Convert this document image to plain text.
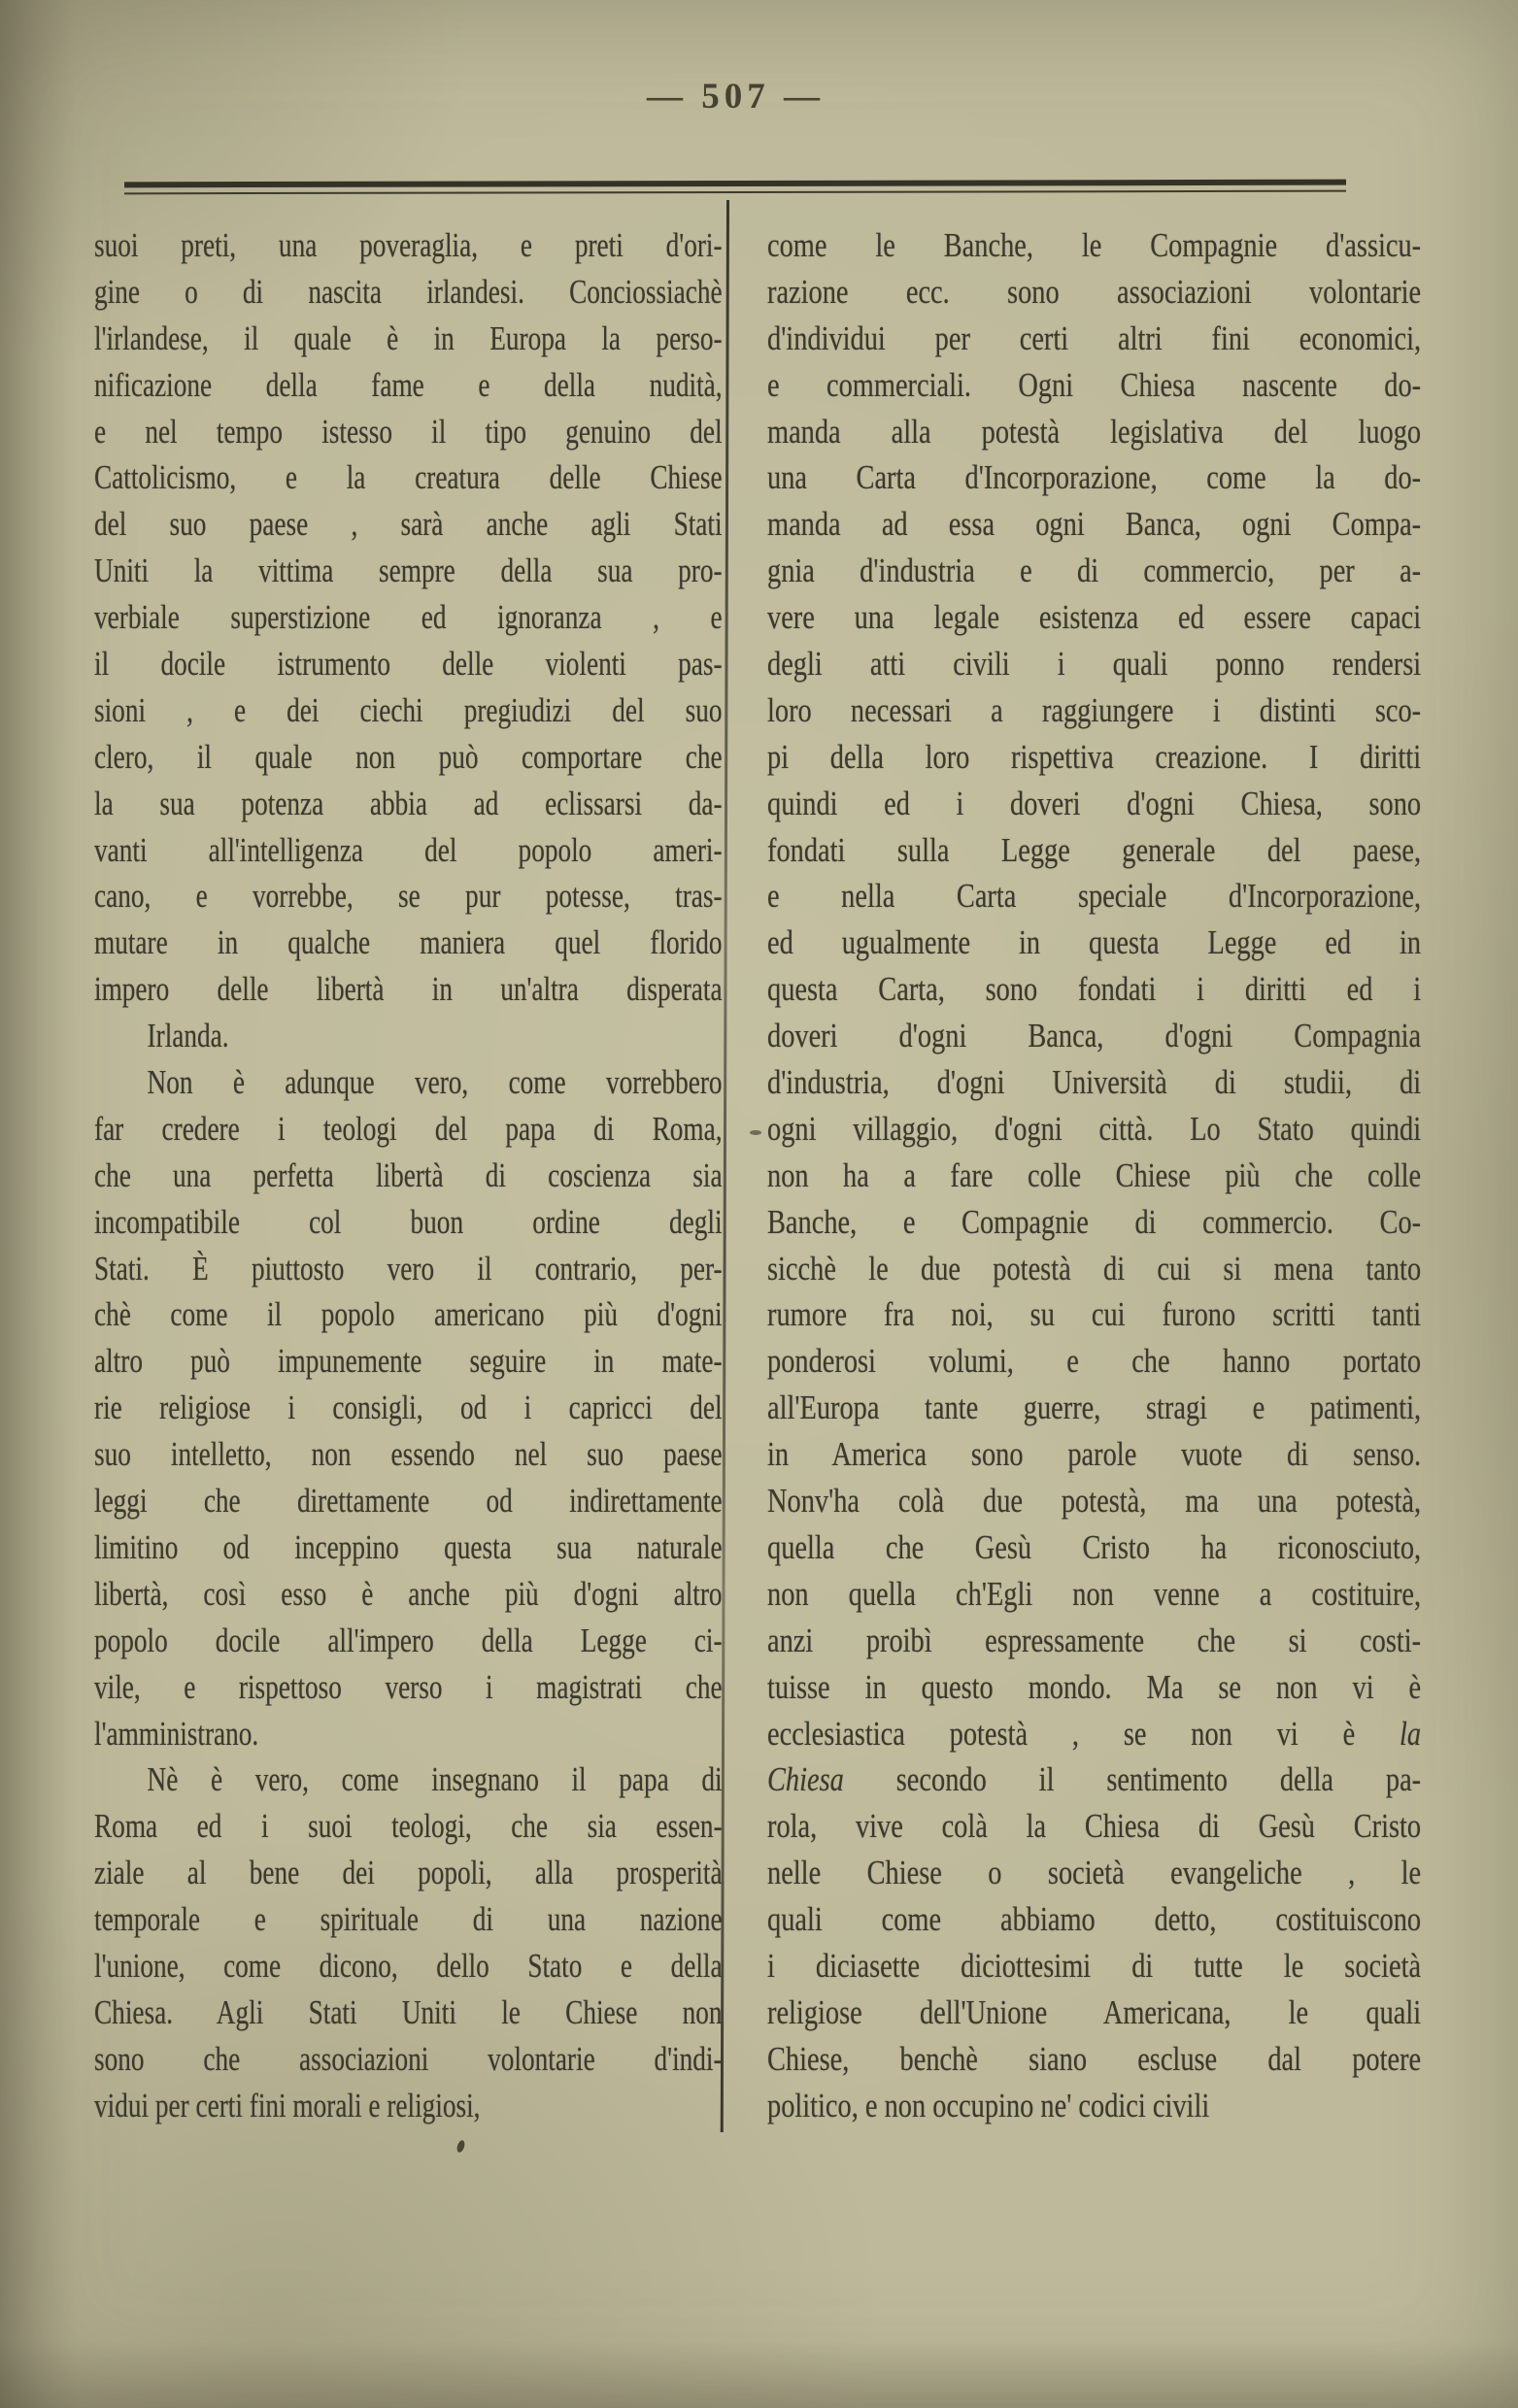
— 507 —
suoi preti, una poveraglia, e preti d'ori-
gine o di nascita irlandesi. Conciossiachè
l'irlandese, il quale è in Europa la perso-
nificazione della fame e della nudità,
e nel tempo istesso il tipo genuino del
Cattolicismo, e la creatura delle Chiese
del suo paese , sarà anche agli Stati
Uniti la vittima sempre della sua pro-
verbiale superstizione ed ignoranza , e
il docile istrumento delle violenti pas-
sioni , e dei ciechi pregiudizi del suo
clero, il quale non può comportare che
la sua potenza abbia ad eclissarsi da-
vanti all'intelligenza del popolo ameri-
cano, e vorrebbe, se pur potesse, tras-
mutare in qualche maniera quel florido
impero delle libertà in un'altra disperata
Irlanda.
Non è adunque vero, come vorrebbero
far credere i teologi del papa di Roma,
che una perfetta libertà di coscienza sia
incompatibile col buon ordine degli
Stati. È piuttosto vero il contrario, per-
chè come il popolo americano più d'ogni
altro può impunemente seguire in mate-
rie religiose i consigli, od i capricci del
suo intelletto, non essendo nel suo paese
leggi che direttamente od indirettamente
limitino od inceppino questa sua naturale
libertà, così esso è anche più d'ogni altro
popolo docile all'impero della Legge ci-
vile, e rispettoso verso i magistrati che
l'amministrano.
Nè è vero, come insegnano il papa di
Roma ed i suoi teologi, che sia essen-
ziale al bene dei popoli, alla prosperità
temporale e spirituale di una nazione
l'unione, come dicono, dello Stato e della
Chiesa. Agli Stati Uniti le Chiese non
sono che associazioni volontarie d'indi-
vidui per certi fini morali e religiosi,
come le Banche, le Compagnie d'assicu-
razione ecc. sono associazioni volontarie
d'individui per certi altri fini economici,
e commerciali. Ogni Chiesa nascente do-
manda alla potestà legislativa del luogo
una Carta d'Incorporazione, come la do-
manda ad essa ogni Banca, ogni Compa-
gnia d'industria e di commercio, per a-
vere una legale esistenza ed essere capaci
degli atti civili i quali ponno rendersi
loro necessari a raggiungere i distinti sco-
pi della loro rispettiva creazione. I diritti
quindi ed i doveri d'ogni Chiesa, sono
fondati sulla Legge generale del paese,
e nella Carta speciale d'Incorporazione,
ed ugualmente in questa Legge ed in
questa Carta, sono fondati i diritti ed i
doveri d'ogni Banca, d'ogni Compagnia
d'industria, d'ogni Università di studii, di
ogni villaggio, d'ogni città. Lo Stato quindi
non ha a fare colle Chiese più che colle
Banche, e Compagnie di commercio. Co-
sicchè le due potestà di cui si mena tanto
rumore fra noi, su cui furono scritti tanti
ponderosi volumi, e che hanno portato
all'Europa tante guerre, stragi e patimenti,
in America sono parole vuote di senso.
Nonv'ha colà due potestà, ma una potestà,
quella che Gesù Cristo ha riconosciuto,
non quella ch'Egli non venne a costituire,
anzi proibì espressamente che si costi-
tuisse in questo mondo. Ma se non vi è
ecclesiastica potestà , se non vi è la
Chiesa secondo il sentimento della pa-
rola, vive colà la Chiesa di Gesù Cristo
nelle Chiese o società evangeliche , le
quali come abbiamo detto, costituiscono
i diciasette diciottesimi di tutte le società
religiose dell'Unione Americana, le quali
Chiese, benchè siano escluse dal potere
politico, e non occupino ne' codici civili
